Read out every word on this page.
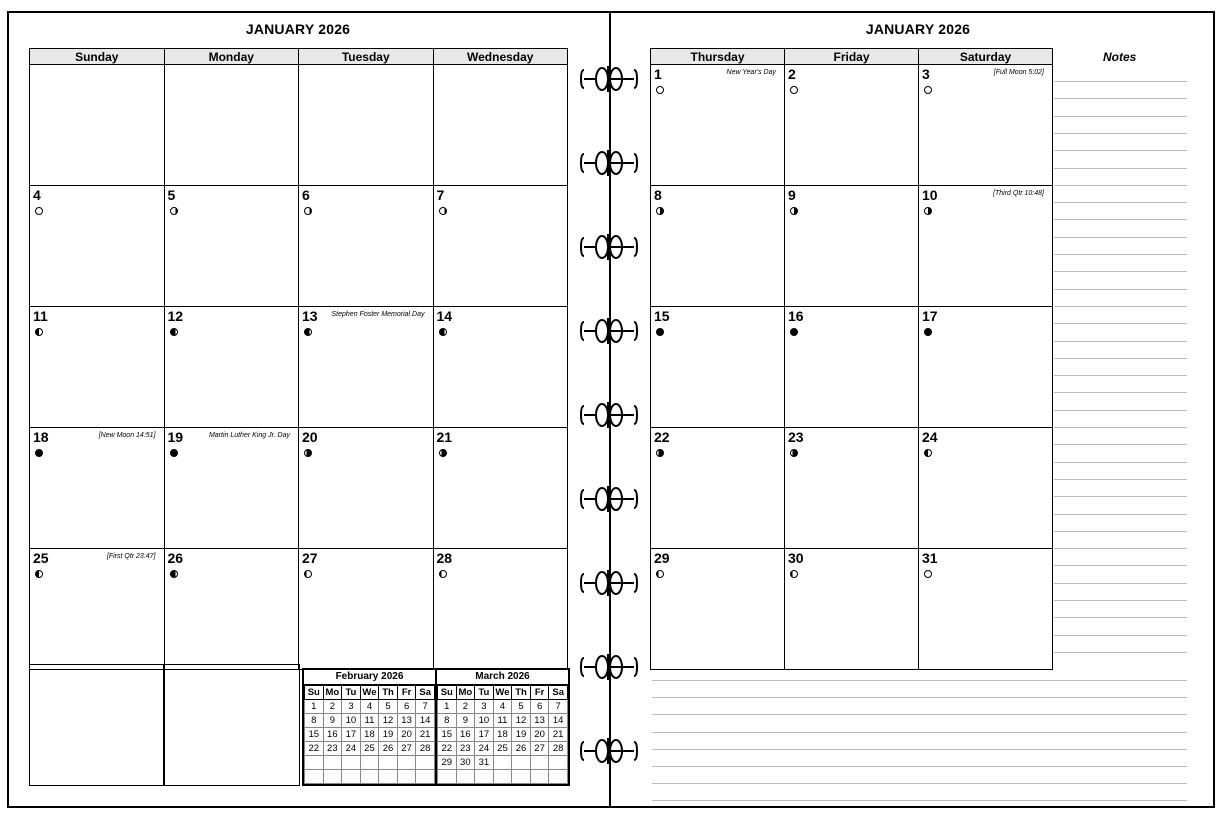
JANUARY 2026	JANUARY 2026
Sunday	Monday	Tuesday	Wednesday

4	5	6	7

11	12	13 Stephen Foster Memorial Day	14

18 [New Moon 14:51]	19 Martin Luther King Jr. Day	20	21

25 [First Qtr 23:47]	26	27	28
Thursday	Friday	Saturday

1 New Year's Day	2	3 [Full Moon 5:02]

8	9	10 [Third Qtr 10:48]

15	16	17

22	23	24

29	30	31
February 2026
Su	Mo	Tu	We	Th	Fr	Sa
1	2	3	4	5	6	7
8	9	10	11	12	13	14
15	16	17	18	19	20	21
22	23	24	25	26	27	28

March 2026
Su	Mo	Tu	We	Th	Fr	Sa
1	2	3	4	5	6	7
8	9	10	11	12	13	14
15	16	17	18	19	20	21
22	23	24	25	26	27	28
29	30	31				

Notes
